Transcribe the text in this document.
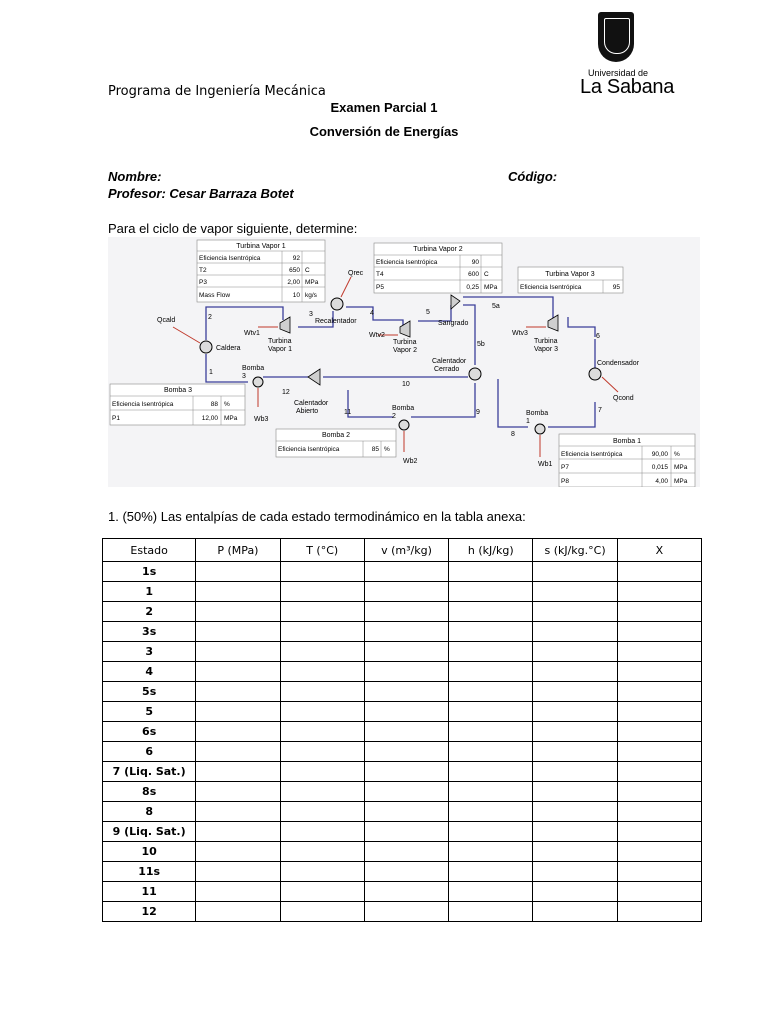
Programa de Ingeniería Mecánica
Universidad de
La Sabana
Examen Parcial 1
Conversión de Energías
Nombre:	Código:
Profesor: Cesar Barraza Botet
Para el ciclo de vapor siguiente, determine:
Turbina Vapor 1
Eficiencia Isentrópica	92
T2	650 C
P3	2,00 MPa
Mass Flow	10 kg/s
Turbina Vapor 2
Eficiencia Isentrópica	90
T4	600 C
P5	0,25 MPa
Turbina Vapor 3
Eficiencia Isentrópica	95
Bomba 3
Eficiencia Isentrópica	88 %
P1	12,00 MPa
Bomba 2
Eficiencia Isentrópica	85 %
Bomba 1
Eficiencia Isentrópica	90,00 %
P7	0,015 MPa
P8	4,00 MPa
Qcald
Caldera
Qrec
Recalentador
Wtv1
Turbina
Vapor 1
Wtv2
Turbina
Vapor 2
Sangrado
Wtv3
Turbina
Vapor 3
Condensador
Qcond
Calentador
Cerrado
Calentador
Abierto
Bomba
3
Wb3
Bomba
2
Wb2
Bomba
1
Wb1
1
2	3	4	5
5a
5b
6
7
8
9
10
11
12
1. (50%) Las entalpías de cada estado termodinámico en la tabla anexa:
Estado	P (MPa)	T (°C)	v (m³/kg)	h (kJ/kg)	s (kJ/kg.°C)	X
1s						
1						
2						
3s						
3						
4						
5s						
5						
6s						
6						
7 (Liq. Sat.)						
8s						
8						
9 (Liq. Sat.)						
10						
11s						
11						
12						
